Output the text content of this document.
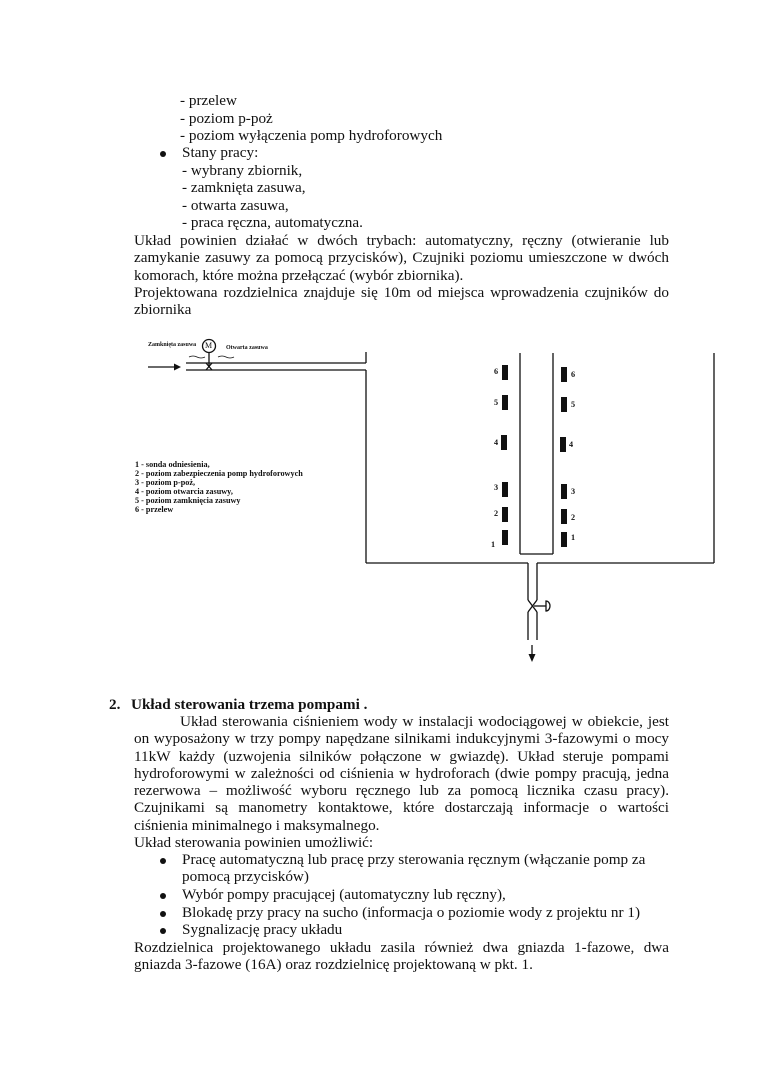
- przelew
- poziom p-poż
- poziom wyłączenia pomp hydroforowych
Stany pracy:
- wybrany zbiornik,
- zamknięta zasuwa,
- otwarta zasuwa,
- praca ręczna, automatyczna.
Układ powinien działać w dwóch trybach: automatyczny, ręczny (otwieranie lub zamykanie zasuwy za pomocą przycisków), Czujniki poziomu umieszczone w dwóch komorach, które można przełączać (wybór zbiornika).
Projektowana rozdzielnica znajduje się 10m od miejsca wprowadzenia czujników do zbiornika
Zamknięta zasuwa	Otwarta zasuwa
M
1 - sonda odniesienia,
2 - poziom zabezpieczenia pomp hydroforowych
3 - poziom p-poż,
4 - poziom otwarcia zasuwy,
5 - poziom zamknięcia zasuwy
6 - przelew
6
5
4
3
2
1
6
5
4
3
2
1
2. Układ sterowania trzema pompami .
Układ sterowania ciśnieniem wody w instalacji wodociągowej w obiekcie, jest on wyposażony w trzy pompy napędzane silnikami indukcyjnymi 3-fazowymi o mocy 11kW każdy (uzwojenia silników połączone w gwiazdę). Układ steruje pompami hydroforowymi w zależności od ciśnienia w hydroforach (dwie pompy pracują, jedna rezerwowa – możliwość wyboru ręcznego lub za pomocą licznika czasu pracy). Czujnikami są manometry kontaktowe, które dostarczają informacje o wartości ciśnienia minimalnego i maksymalnego.
Układ sterowania powinien umożliwić:
Pracę automatyczną lub pracę przy sterowania ręcznym (włączanie pomp za pomocą przycisków)
Wybór pompy pracującej (automatyczny lub ręczny),
Blokadę przy pracy na sucho (informacja o poziomie wody z projektu nr 1)
Sygnalizację pracy układu
Rozdzielnica projektowanego układu zasila również dwa gniazda 1-fazowe, dwa gniazda 3-fazowe (16A) oraz rozdzielnicę projektowaną w pkt. 1.
